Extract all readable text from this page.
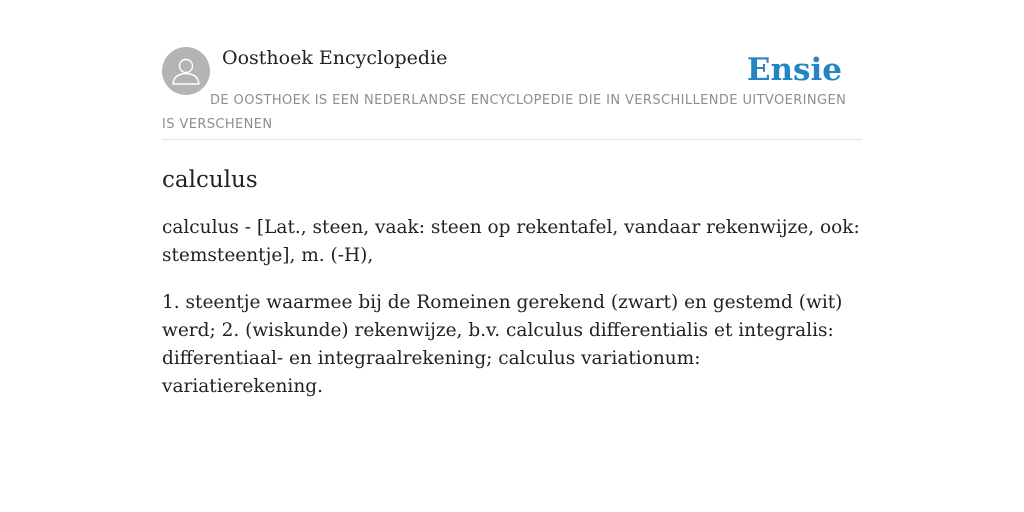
Oosthoek Encyclopedie	Ensie
DE OOSTHOEK IS EEN NEDERLANDSE ENCYCLOPEDIE DIE IN VERSCHILLENDE UITVOERINGEN IS VERSCHENEN
calculus

calculus - [Lat., steen, vaak: steen op rekentafel, vandaar rekenwijze, ook: stemsteentje], m. (-H),

1. steentje waarmee bij de Romeinen gerekend (zwart) en gestemd (wit) werd; 2. (wiskunde) rekenwijze, b.v. calculus differentialis et integralis: differentiaal- en integraalrekening; calculus variationum: variatierekening.
